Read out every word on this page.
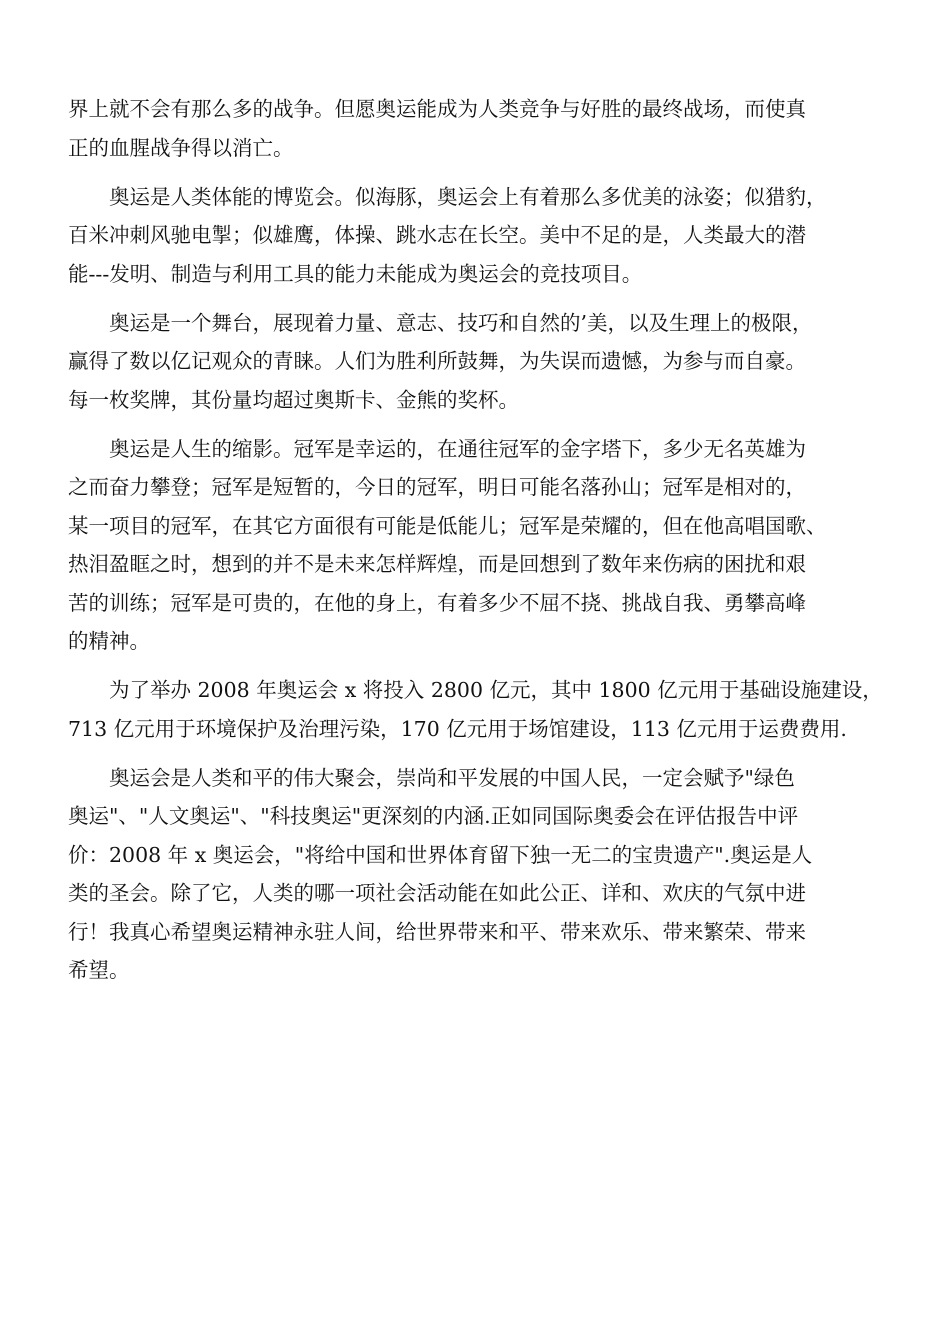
界上就不会有那么多的战争。但愿奥运能成为人类竞争与好胜的最终战场，而使真
正的血腥战争得以消亡。

奥运是人类体能的博览会。似海豚，奥运会上有着那么多优美的泳姿；似猎豹，
百米冲刺风驰电掣；似雄鹰，体操、跳水志在长空。美中不足的是，人类最大的潜
能---发明、制造与利用工具的能力未能成为奥运会的竞技项目。

奥运是一个舞台，展现着力量、意志、技巧和自然的’美，以及生理上的极限，
赢得了数以亿记观众的青睐。人们为胜利所鼓舞，为失误而遗憾，为参与而自豪。
每一枚奖牌，其份量均超过奥斯卡、金熊的奖杯。

奥运是人生的缩影。冠军是幸运的，在通往冠军的金字塔下，多少无名英雄为
之而奋力攀登；冠军是短暂的，今日的冠军，明日可能名落孙山；冠军是相对的，
某一项目的冠军，在其它方面很有可能是低能儿；冠军是荣耀的，但在他高唱国歌、
热泪盈眶之时，想到的并不是未来怎样辉煌，而是回想到了数年来伤病的困扰和艰
苦的训练；冠军是可贵的，在他的身上，有着多少不屈不挠、挑战自我、勇攀高峰
的精神。

为了举办 2008 年奥运会 x 将投入 2800 亿元，其中 1800 亿元用于基础设施建设，
713 亿元用于环境保护及治理污染，170 亿元用于场馆建设，113 亿元用于运费费用.

奥运会是人类和平的伟大聚会，崇尚和平发展的中国人民，一定会赋予"绿色
奥运"、"人文奥运"、"科技奥运"更深刻的内涵.正如同国际奥委会在评估报告中评
价：2008 年 x 奥运会，"将给中国和世界体育留下独一无二的宝贵遗产".奥运是人
类的圣会。除了它，人类的哪一项社会活动能在如此公正、详和、欢庆的气氛中进
行！我真心希望奥运精神永驻人间，给世界带来和平、带来欢乐、带来繁荣、带来
希望。
